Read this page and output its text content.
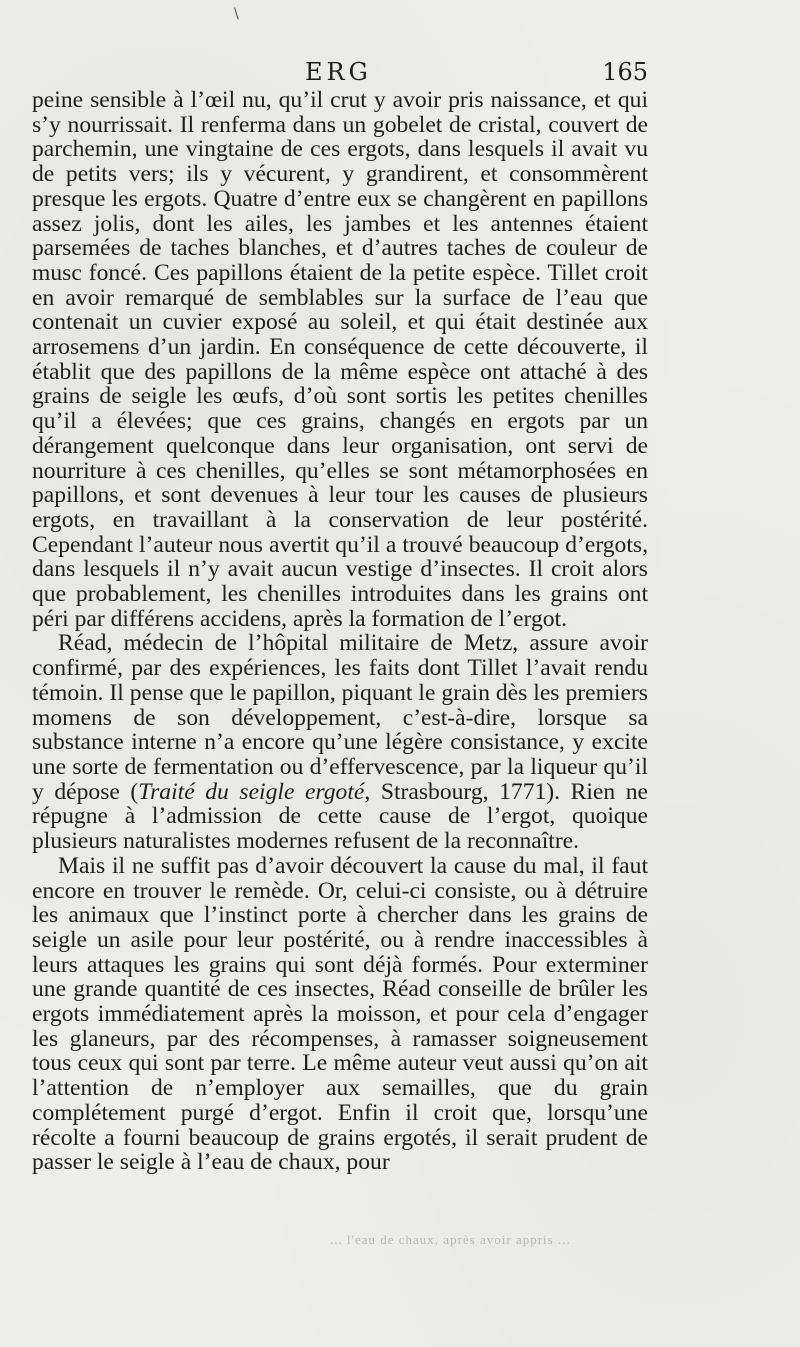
\
ERG	165

peine sensible à l’œil nu, qu’il crut y avoir pris naissance, et qui s’y nourrissait. Il renferma dans un gobelet de cristal, couvert de parchemin, une vingtaine de ces ergots, dans lesquels il avait vu de petits vers; ils y vécurent, y grandirent, et consommèrent presque les ergots. Quatre d’entre eux se changèrent en papillons assez jolis, dont les ailes, les jambes et les antennes étaient parsemées de taches blanches, et d’autres taches de couleur de musc foncé. Ces papillons étaient de la petite espèce. Tillet croit en avoir remarqué de semblables sur la surface de l’eau que contenait un cuvier exposé au soleil, et qui était destinée aux arrosemens d’un jardin. En conséquence de cette découverte, il établit que des papillons de la même espèce ont attaché à des grains de seigle les œufs, d’où sont sortis les petites chenilles qu’il a élevées; que ces grains, changés en ergots par un dérangement quelconque dans leur organisation, ont servi de nourriture à ces chenilles, qu’elles se sont métamorphosées en papillons, et sont devenues à leur tour les causes de plusieurs ergots, en travaillant à la conservation de leur postérité. Cependant l’auteur nous avertit qu’il a trouvé beaucoup d’ergots, dans lesquels il n’y avait aucun vestige d’insectes. Il croit alors que probablement, les chenilles introduites dans les grains ont péri par différens accidens, après la formation de l’ergot.

Réad, médecin de l’hôpital militaire de Metz, assure avoir confirmé, par des expériences, les faits dont Tillet l’avait rendu témoin. Il pense que le papillon, piquant le grain dès les premiers momens de son développement, c’est-à-dire, lorsque sa substance interne n’a encore qu’une légère consistance, y excite une sorte de fermentation ou d’effervescence, par la liqueur qu’il y dépose (Traité du seigle ergoté, Strasbourg, 1771). Rien ne répugne à l’admission de cette cause de l’ergot, quoique plusieurs naturalistes modernes refusent de la reconnaître.

Mais il ne suffit pas d’avoir découvert la cause du mal, il faut encore en trouver le remède. Or, celui-ci consiste, ou à détruire les animaux que l’instinct porte à chercher dans les grains de seigle un asile pour leur postérité, ou à rendre inaccessibles à leurs attaques les grains qui sont déjà formés. Pour exterminer une grande quantité de ces insectes, Réad conseille de brûler les ergots immédiatement après la moisson, et pour cela d’engager les glaneurs, par des récompenses, à ramasser soigneusement tous ceux qui sont par terre. Le même auteur veut aussi qu’on ait l’attention de n’employer aux semailles, que du grain complétement purgé d’ergot. Enfin il croit que, lorsqu’une récolte a fourni beaucoup de grains ergotés, il serait prudent de passer le seigle à l’eau de chaux, pour

... l'eau de chaux, après avoir appris ...
